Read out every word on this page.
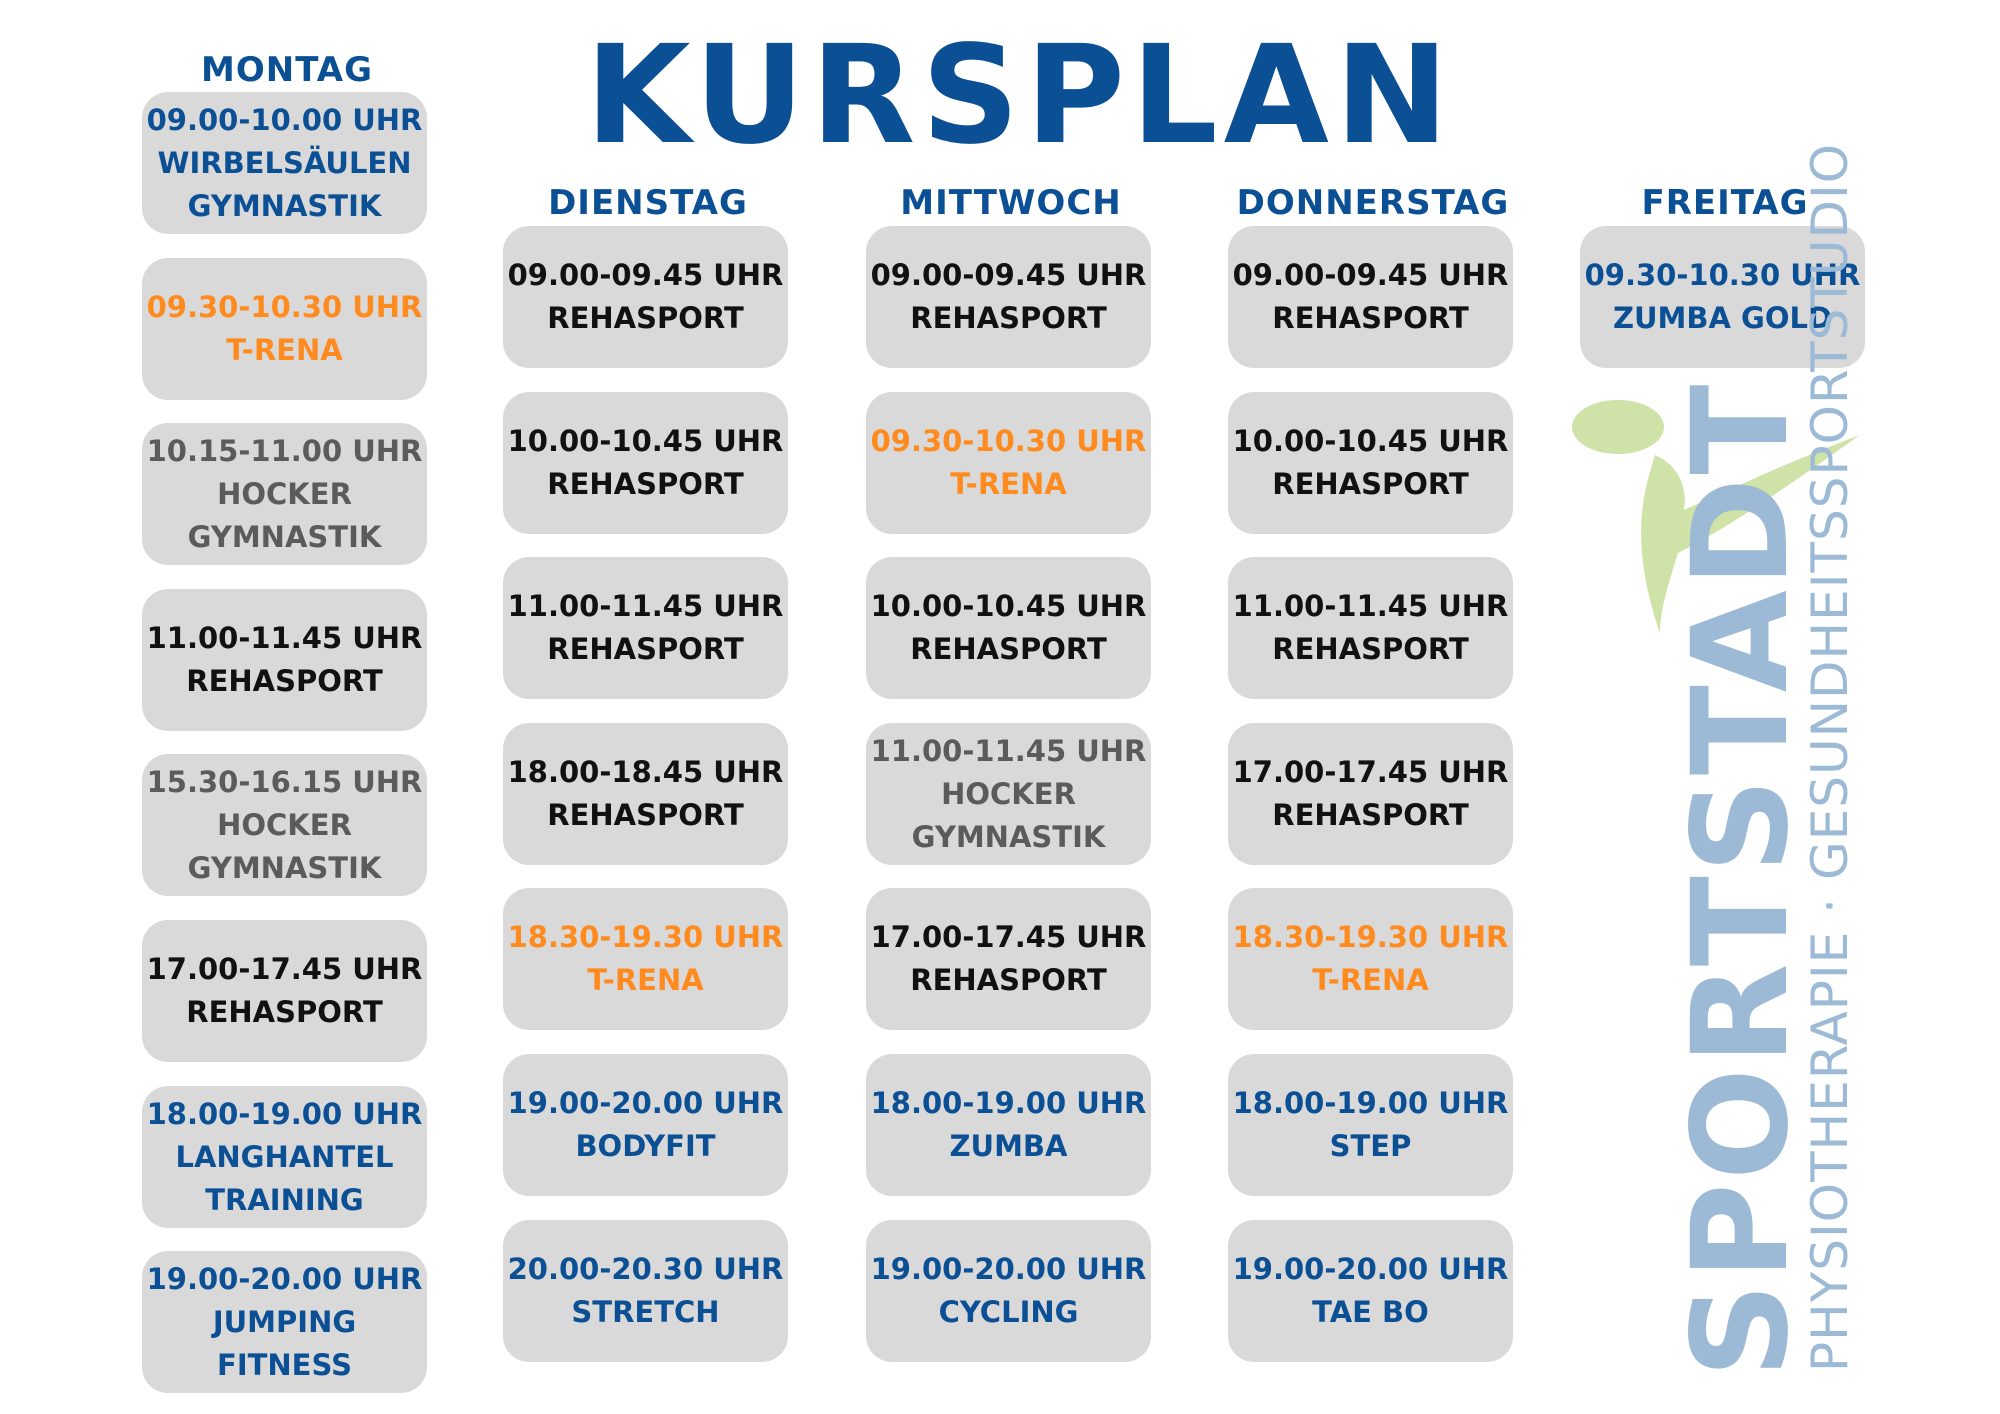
KURSPLAN
MONTAG
09.00-10.00 UHR
WIRBELSÄULEN
GYMNASTIK
09.30-10.30 UHR
T-RENA
10.15-11.00 UHR
HOCKER
GYMNASTIK
11.00-11.45 UHR
REHASPORT
15.30-16.15 UHR
HOCKER
GYMNASTIK
17.00-17.45 UHR
REHASPORT
18.00-19.00 UHR
LANGHANTEL
TRAINING
19.00-20.00 UHR
JUMPING
FITNESS
DIENSTAG
09.00-09.45 UHR
REHASPORT
10.00-10.45 UHR
REHASPORT
11.00-11.45 UHR
REHASPORT
18.00-18.45 UHR
REHASPORT
18.30-19.30 UHR
T-RENA
19.00-20.00 UHR
BODYFIT
20.00-20.30 UHR
STRETCH
MITTWOCH
09.00-09.45 UHR
REHASPORT
09.30-10.30 UHR
T-RENA
10.00-10.45 UHR
REHASPORT
11.00-11.45 UHR
HOCKER
GYMNASTIK
17.00-17.45 UHR
REHASPORT
18.00-19.00 UHR
ZUMBA
19.00-20.00 UHR
CYCLING
DONNERSTAG
09.00-09.45 UHR
REHASPORT
10.00-10.45 UHR
REHASPORT
11.00-11.45 UHR
REHASPORT
17.00-17.45 UHR
REHASPORT
18.30-19.30 UHR
T-RENA
18.00-19.00 UHR
STEP
19.00-20.00 UHR
TAE BO
FREITAG
09.30-10.30 UHR
ZUMBA GOLD
SPORTSTADT
PHYSIOTHERAPIE · GESUNDHEITSSPORTSTUDIO
